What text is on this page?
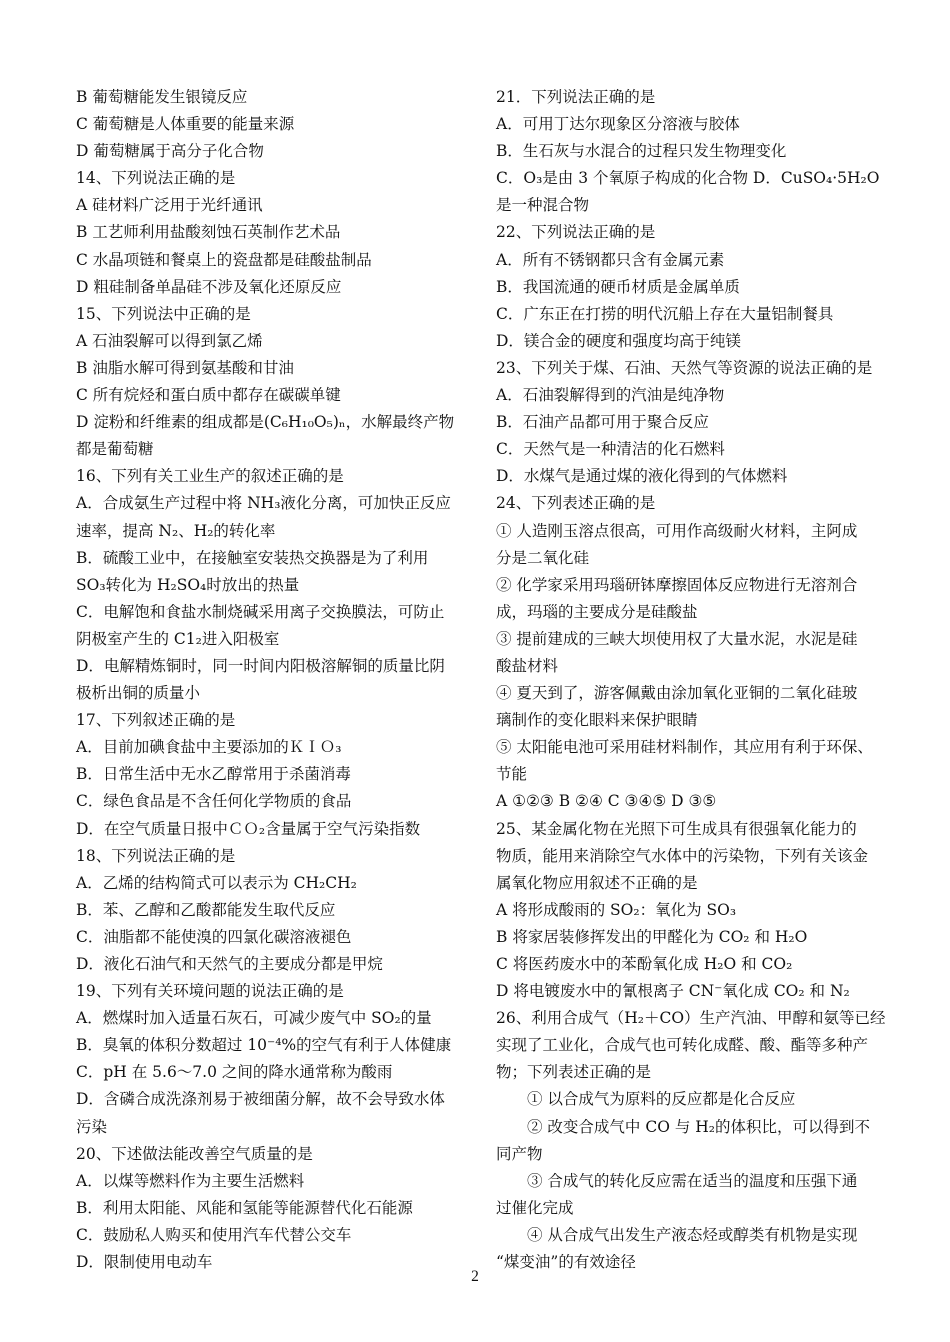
B 葡萄糖能发生银镜反应
C 葡萄糖是人体重要的能量来源
D 葡萄糖属于高分子化合物
14、下列说法正确的是
A 硅材料广泛用于光纤通讯
B 工艺师利用盐酸刻蚀石英制作艺术品
C 水晶项链和餐桌上的瓷盘都是硅酸盐制品
D 粗硅制备单晶硅不涉及氧化还原反应
15、下列说法中正确的是
A 石油裂解可以得到氯乙烯
B 油脂水解可得到氨基酸和甘油
C 所有烷烃和蛋白质中都存在碳碳单键
D 淀粉和纤维素的组成都是(C₆H₁₀O₅)ₙ，水解最终产物
都是葡萄糖
16、下列有关工业生产的叙述正确的是
A．合成氨生产过程中将 NH₃液化分离，可加快正反应
速率，提高 N₂、H₂的转化率
B．硫酸工业中，在接触室安装热交换器是为了利用
SO₃转化为 H₂SO₄时放出的热量
C．电解饱和食盐水制烧碱采用离子交换膜法，可防止
阴极室产生的 C1₂进入阳极室
D．电解精炼铜时，同一时间内阳极溶解铜的质量比阴
极析出铜的质量小
17、下列叙述正确的是
A．目前加碘食盐中主要添加的ＫＩＯ₃
B．日常生活中无水乙醇常用于杀菌消毒
C．绿色食品是不含任何化学物质的食品
D．在空气质量日报中ＣＯ₂含量属于空气污染指数
18、下列说法正确的是
A．乙烯的结构简式可以表示为 CH₂CH₂
B．苯、乙醇和乙酸都能发生取代反应
C．油脂都不能使溴的四氯化碳溶液褪色
D．液化石油气和天然气的主要成分都是甲烷
19、下列有关环境问题的说法正确的是
A．燃煤时加入适量石灰石，可减少废气中 SO₂的量
B．臭氧的体积分数超过 10⁻⁴%的空气有利于人体健康
C．pH 在 5.6～7.0 之间的降水通常称为酸雨
D．含磷合成洗涤剂易于被细菌分解，故不会导致水体
污染
20、下述做法能改善空气质量的是
A．以煤等燃料作为主要生活燃料
B．利用太阳能、风能和氢能等能源替代化石能源
C．鼓励私人购买和使用汽车代替公交车
D．限制使用电动车
21．下列说法正确的是
A．可用丁达尔现象区分溶液与胶体
B．生石灰与水混合的过程只发生物理变化
C．O₃是由 3 个氧原子构成的化合物 D．CuSO₄·5H₂O
是一种混合物
22、下列说法正确的是
A．所有不锈钢都只含有金属元素
B．我国流通的硬币材质是金属单质
C．广东正在打捞的明代沉船上存在大量铝制餐具
D．镁合金的硬度和强度均高于纯镁
23、下列关于煤、石油、天然气等资源的说法正确的是
A．石油裂解得到的汽油是纯净物
B．石油产品都可用于聚合反应
C．天然气是一种清洁的化石燃料
D．水煤气是通过煤的液化得到的气体燃料
24、下列表述正确的是
① 人造刚玉溶点很高，可用作高级耐火材料，主阿成
分是二氧化硅
② 化学家采用玛瑙研钵摩擦固体反应物进行无溶剂合
成，玛瑙的主要成分是硅酸盐
③ 提前建成的三峡大坝使用权了大量水泥，水泥是硅
酸盐材料
④ 夏天到了，游客佩戴由涂加氧化亚铜的二氧化硅玻
璃制作的变化眼料来保护眼睛
⑤ 太阳能电池可采用硅材料制作，其应用有利于环保、
节能
A ①②③ B ②④ C ③④⑤ D ③⑤
25、某金属化物在光照下可生成具有很强氧化能力的
物质，能用来消除空气水体中的污染物，下列有关该金
属氧化物应用叙述不正确的是
A 将形成酸雨的 SO₂：氧化为 SO₃
B 将家居装修挥发出的甲醛化为 CO₂ 和 H₂O
C 将医药废水中的苯酚氧化成 H₂O 和 CO₂
D 将电镀废水中的氰根离子 CN⁻氧化成 CO₂ 和 N₂
26、利用合成气（H₂＋CO）生产汽油、甲醇和氨等已经
实现了工业化，合成气也可转化成醛、酸、酯等多种产
物；下列表述正确的是
① 以合成气为原料的反应都是化合反应
② 改变合成气中 CO 与 H₂的体积比，可以得到不
同产物
③ 合成气的转化反应需在适当的温度和压强下通
过催化完成
④ 从合成气出发生产液态烃或醇类有机物是实现
“煤变油”的有效途径
2
